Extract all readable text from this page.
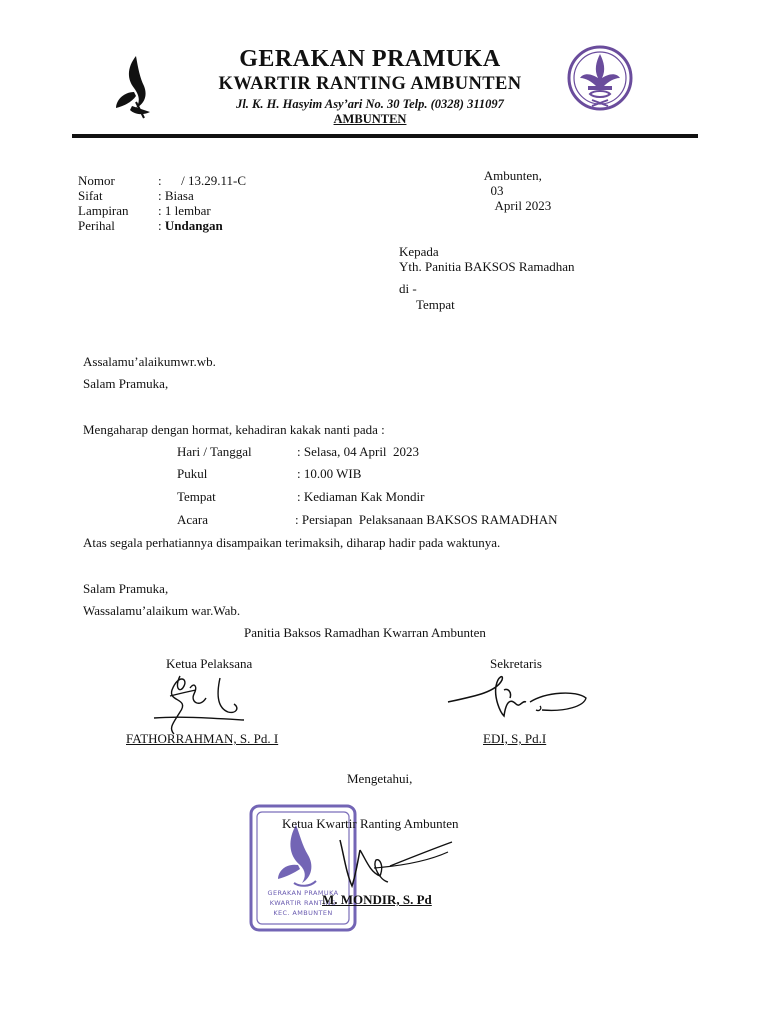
GERAKAN PRAMUKA
KWARTIR RANTING AMBUNTEN
Jl. K. H. Hasyim Asy’ari No. 30 Telp. (0328) 311097
AMBUNTEN

Ambunten,
03
April 2023

Nomor	:      / 13.29.11-C
Sifat	: Biasa
Lampiran : 1 lembar
Perihal	: Undangan
Kepada
Yth. Panitia BAKSOS Ramadhan
di -
Tempat
Assalamu’alaikumwr.wb.
Salam Pramuka,
Mengaharap dengan hormat, kehadiran kakak nanti pada :
Hari / Tanggal	: Selasa, 04 April  2023
Pukul	: 10.00 WIB
Tempat	: Kediaman Kak Mondir
Acara	: Persiapan  Pelaksanaan BAKSOS RAMADHAN
Atas segala perhatiannya disampaikan terimaksih, diharap hadir pada waktunya.
Salam Pramuka,
Wassalamu’alaikum war.Wab.
Panitia Baksos Ramadhan Kwarran Ambunten
Ketua Pelaksana	Sekretaris
FATHORRAHMAN, S. Pd. I	EDI, S, Pd.I
Mengetahui,
GERAKAN PRAMUKA
KWARTIR RANTING
KEC. AMBUNTEN
Ketua Kwartir Ranting Ambunten
M. MONDIR, S. Pd
